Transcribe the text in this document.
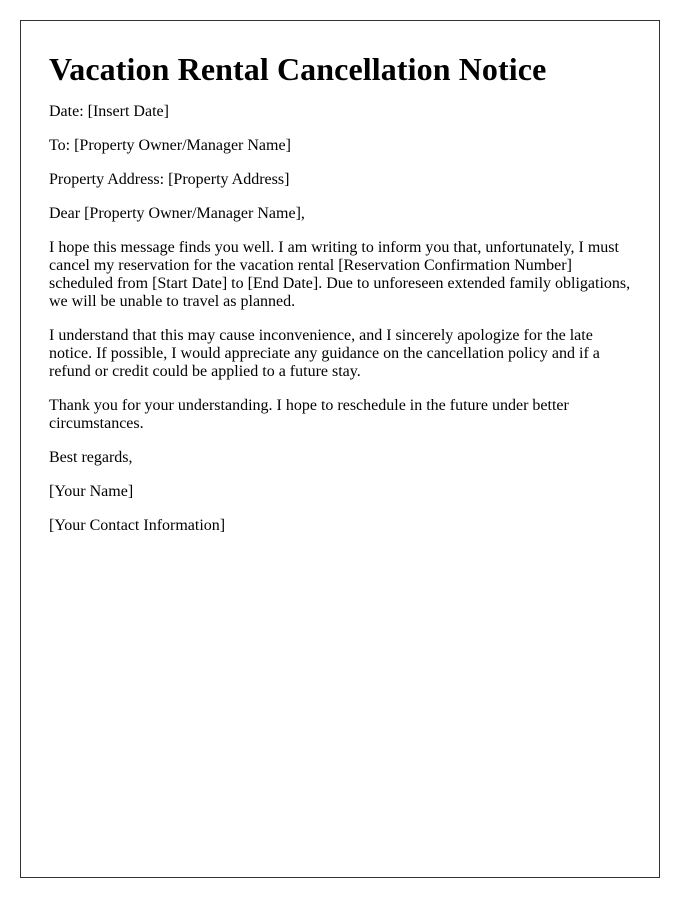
Vacation Rental Cancellation Notice

Date: [Insert Date]

To: [Property Owner/Manager Name]

Property Address: [Property Address]

Dear [Property Owner/Manager Name],

I hope this message finds you well. I am writing to inform you that, unfortunately, I must cancel my reservation for the vacation rental [Reservation Confirmation Number] scheduled from [Start Date] to [End Date]. Due to unforeseen extended family obligations, we will be unable to travel as planned.

I understand that this may cause inconvenience, and I sincerely apologize for the late notice. If possible, I would appreciate any guidance on the cancellation policy and if a refund or credit could be applied to a future stay.

Thank you for your understanding. I hope to reschedule in the future under better circumstances.

Best regards,

[Your Name]

[Your Contact Information]
